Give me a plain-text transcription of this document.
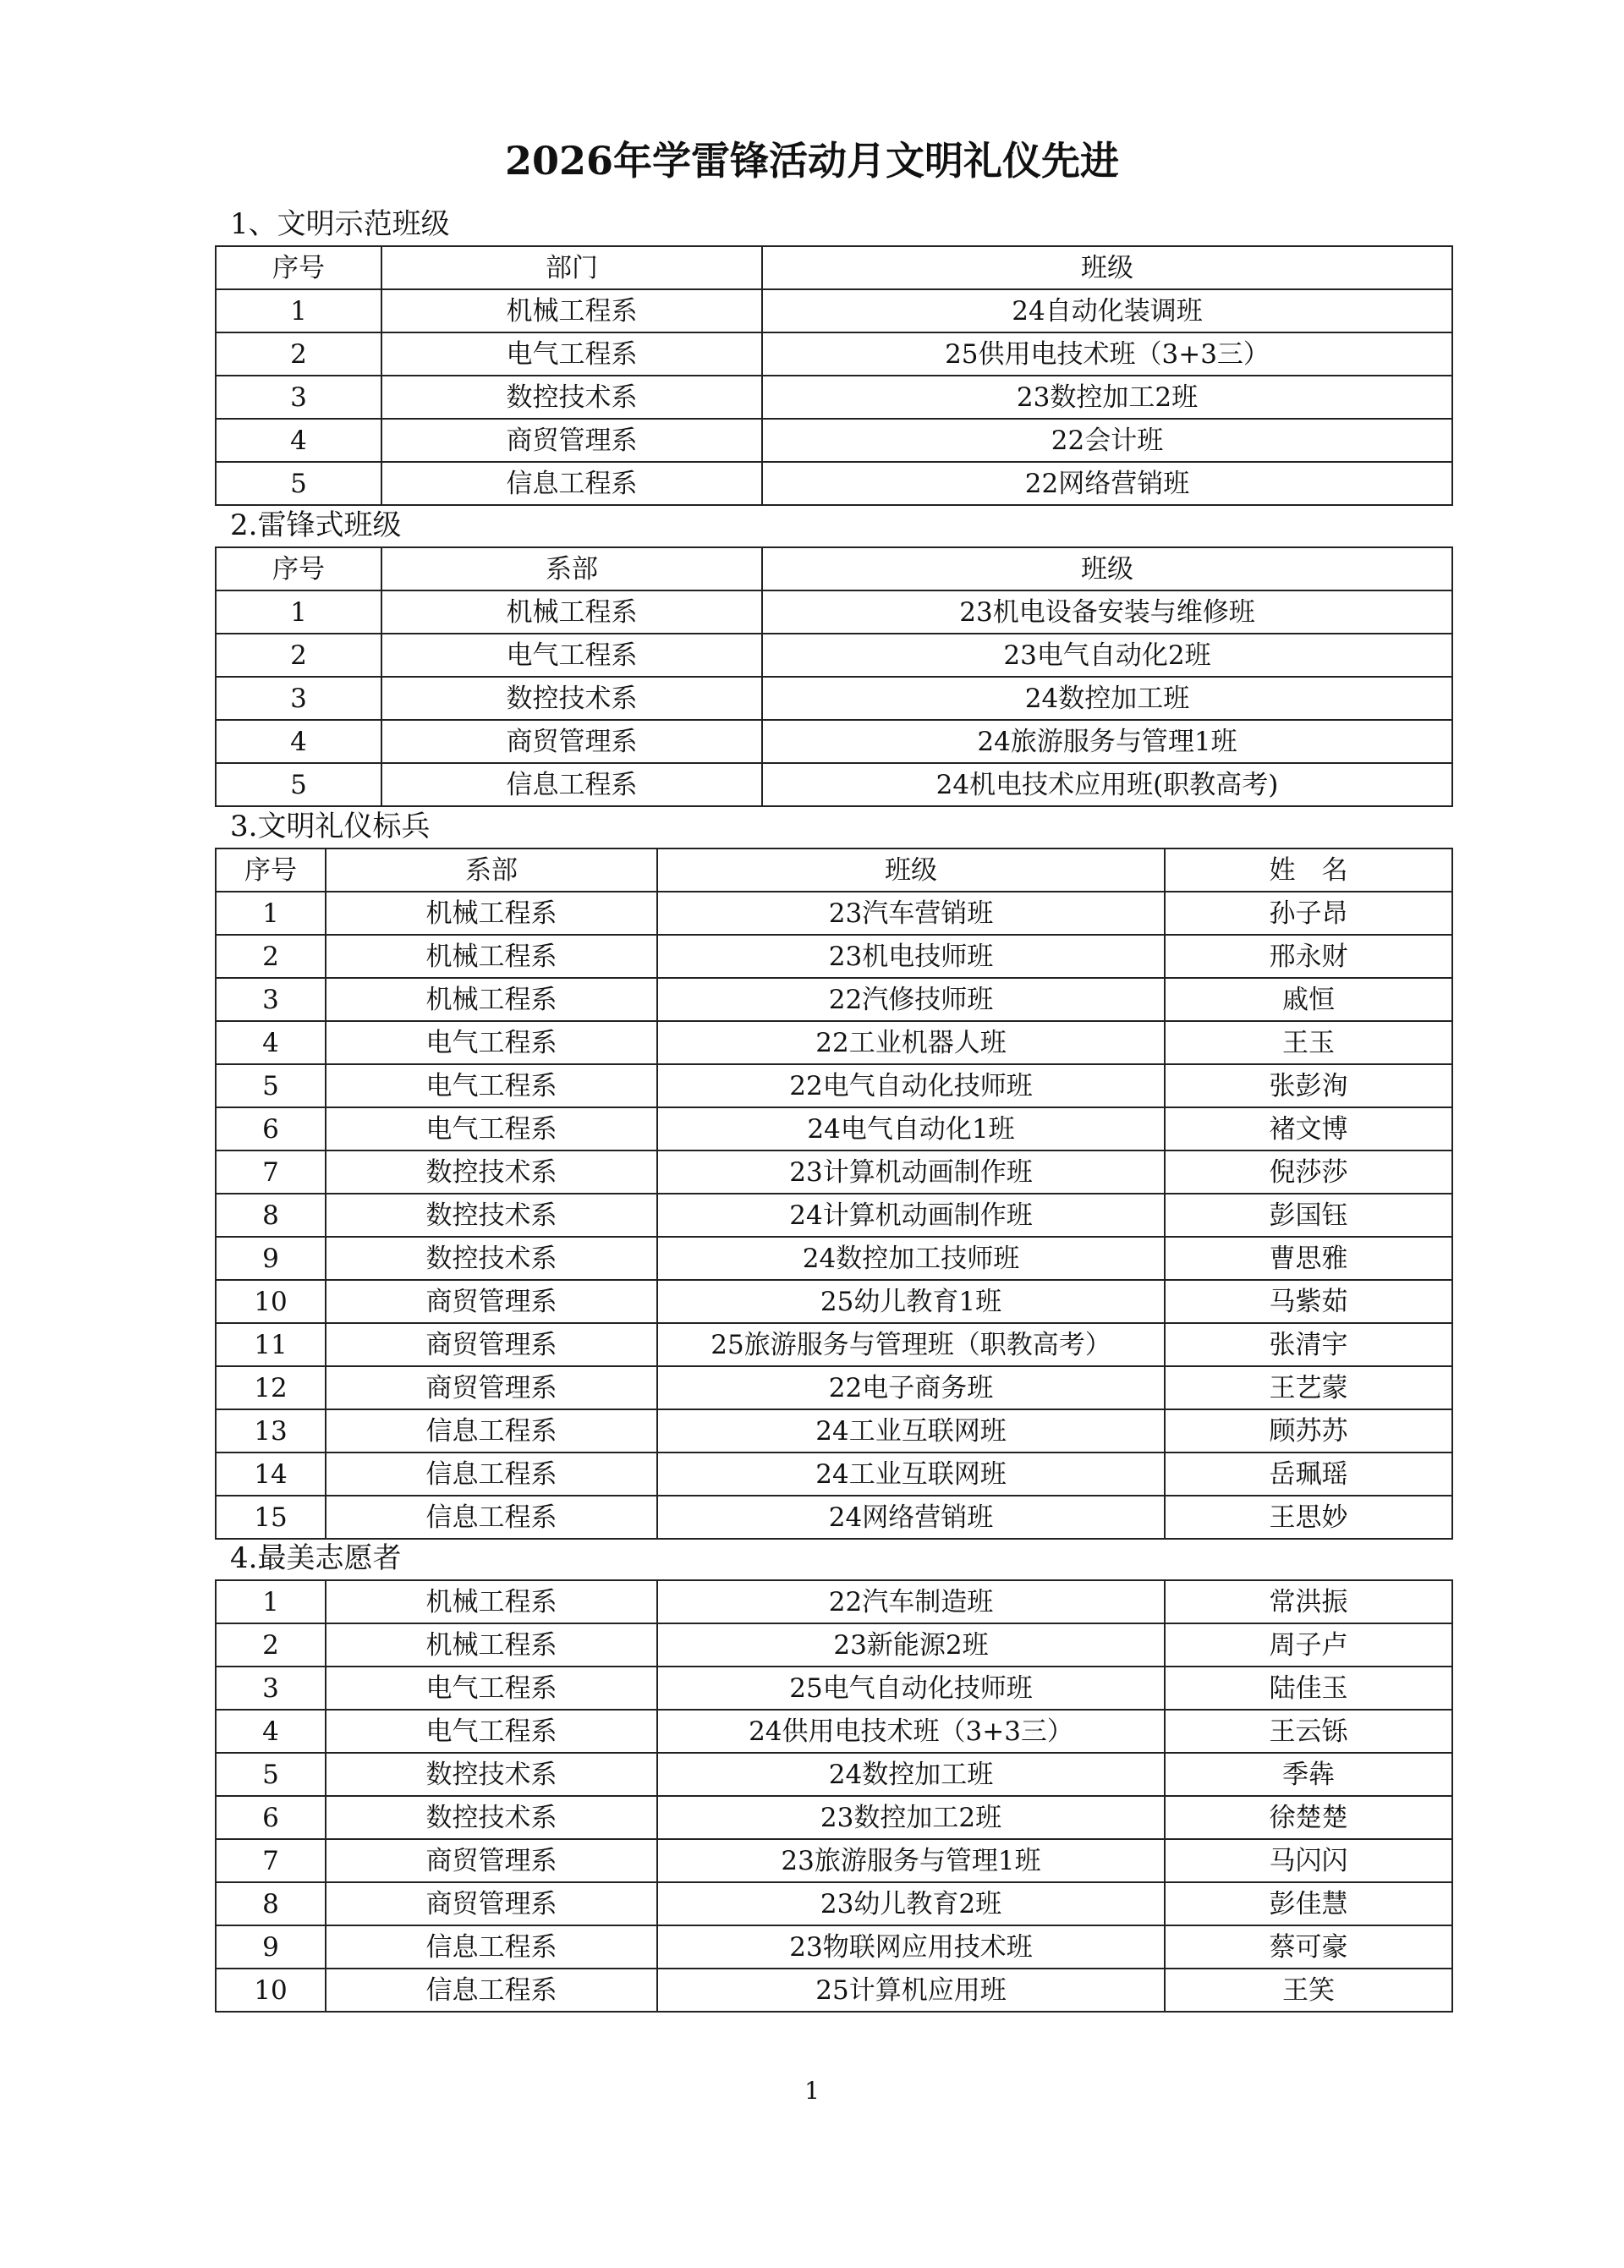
2026年学雷锋活动月文明礼仪先进
1、文明示范班级
序号	部门	班级
1	机械工程系	24自动化装调班
2	电气工程系	25供用电技术班（3+3三）
3	数控技术系	23数控加工2班
4	商贸管理系	22会计班
5	信息工程系	22网络营销班
2.雷锋式班级
序号	系部	班级
1	机械工程系	23机电设备安装与维修班
2	电气工程系	23电气自动化2班
3	数控技术系	24数控加工班
4	商贸管理系	24旅游服务与管理1班
5	信息工程系	24机电技术应用班(职教高考)
3.文明礼仪标兵
序号	系部	班级	姓　名
1	机械工程系	23汽车营销班	孙子昂
2	机械工程系	23机电技师班	邢永财
3	机械工程系	22汽修技师班	戚恒
4	电气工程系	22工业机器人班	王玉
5	电气工程系	22电气自动化技师班	张彭洵
6	电气工程系	24电气自动化1班	褚文博
7	数控技术系	23计算机动画制作班	倪莎莎
8	数控技术系	24计算机动画制作班	彭国钰
9	数控技术系	24数控加工技师班	曹思雅
10	商贸管理系	25幼儿教育1班	马紫茹
11	商贸管理系	25旅游服务与管理班（职教高考）	张清宇
12	商贸管理系	22电子商务班	王艺蒙
13	信息工程系	24工业互联网班	顾苏苏
14	信息工程系	24工业互联网班	岳珮瑶
15	信息工程系	24网络营销班	王思妙
4.最美志愿者
1	机械工程系	22汽车制造班	常洪振
2	机械工程系	23新能源2班	周子卢
3	电气工程系	25电气自动化技师班	陆佳玉
4	电气工程系	24供用电技术班（3+3三）	王云铄
5	数控技术系	24数控加工班	季犇
6	数控技术系	23数控加工2班	徐楚楚
7	商贸管理系	23旅游服务与管理1班	马闪闪
8	商贸管理系	23幼儿教育2班	彭佳慧
9	信息工程系	23物联网应用技术班	蔡可豪
10	信息工程系	25计算机应用班	王笑
1
